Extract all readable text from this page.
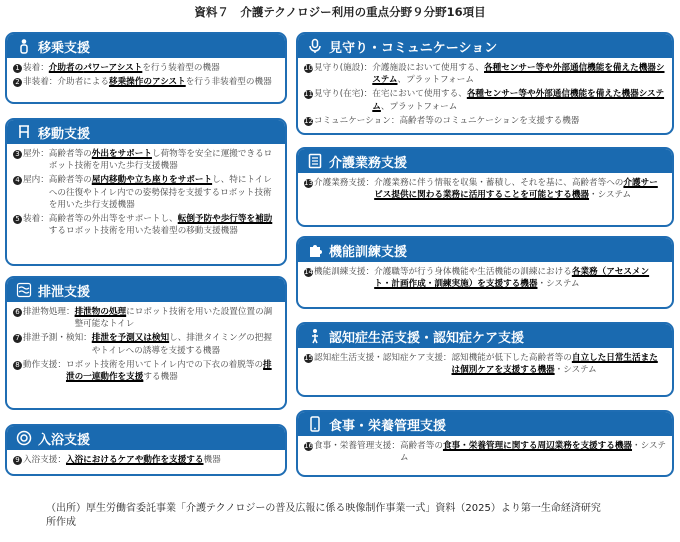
資料７　介護テクノロジー利用の重点分野９分野16項目
移乗支援
1 装着： 介助者のパワーアシストを行う装着型の機器
2 非装着： 介助者による移乗操作のアシストを行う非装着型の機器
移動支援
3 屋外： 高齢者等の外出をサポートし荷物等を安全に運搬できるロボット技術を用いた歩行支援機器
4 屋内： 高齢者等の屋内移動や立ち座りをサポートし、特にトイレへの往復やトイレ内での姿勢保持を支援するロボット技術を用いた歩行支援機器
5 装着： 高齢者等の外出等をサポートし、転倒予防や歩行等を補助するロボット技術を用いた装着型の移動支援機器
排泄支援
6 排泄物処理： 排泄物の処理にロボット技術を用いた設置位置の調整可能なトイレ
7 排泄予測・検知： 排泄を予測又は検知し、排泄タイミングの把握やトイレへの誘導を支援する機器
8 動作支援： ロボット技術を用いてトイレ内での下衣の着脱等の排泄の一連動作を支援する機器
入浴支援
9 入浴支援： 入浴におけるケアや動作を支援する機器
見守り・コミュニケーション
10見守り(施設)： 介護施設において使用する、各種センサー等や外部通信機能を備えた機器システム、プラットフォーム
11見守り(在宅)： 在宅において使用する、各種センサー等や外部通信機能を備えた機器システム、プラットフォーム
12コミュニケーション： 高齢者等のコミュニケーションを支援する機器
介護業務支援
13介護業務支援： 介護業務に伴う情報を収集・蓄積し、それを基に、高齢者等への介護サービス提供に関わる業務に活用することを可能とする機器・システム
機能訓練支援
14機能訓練支援： 介護職等が行う身体機能や生活機能の訓練における各業務（アセスメント・計画作成・訓練実施）を支援する機器・システム
認知症生活支援・認知症ケア支援
15認知症生活支援・認知症ケア支援： 認知機能が低下した高齢者等の自立した日常生活または個別ケアを支援する機器・システム
食事・栄養管理支援
16食事・栄養管理支援： 高齢者等の食事・栄養管理に関する周辺業務を支援する機器・システム
（出所）厚生労働省委託事業「介護テクノロジーの普及広報に係る映像制作事業一式」資料（2025）より第一生命経済研究所作成
